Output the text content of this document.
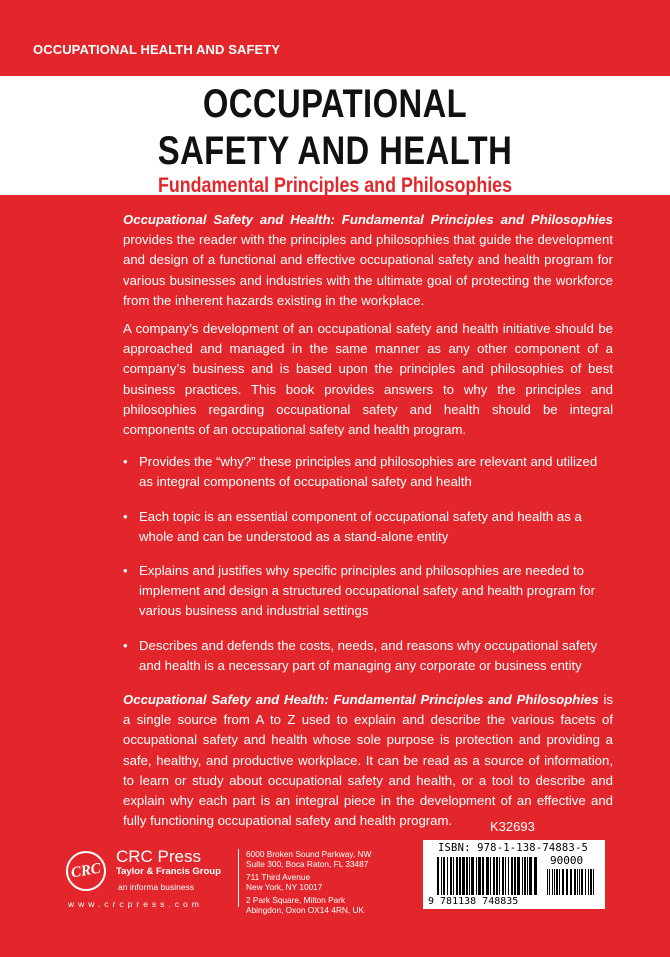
OCCUPATIONAL HEALTH AND SAFETY
OCCUPATIONAL
SAFETY AND HEALTH
Fundamental Principles and Philosophies

Occupational Safety and Health: Fundamental Principles and Philosophies provides the reader with the principles and philosophies that guide the development and design of a functional and effective occupational safety and health program for various businesses and industries with the ultimate goal of protecting the workforce from the inherent hazards existing in the workplace.

A company’s development of an occupational safety and health initiative should be approached and managed in the same manner as any other component of a company’s business and is based upon the principles and philosophies of best business practices. This book provides answers to why the principles and philosophies regarding occupational safety and health should be integral components of an occupational safety and health program.

• Provides the “why?” these principles and philosophies are relevant and utilized as integral components of occupational safety and health
• Each topic is an essential component of occupational safety and health as a whole and can be understood as a stand-alone entity
• Explains and justifies why specific principles and philosophies are needed to implement and design a structured occupational safety and health program for various business and industrial settings
• Describes and defends the costs, needs, and reasons why occupational safety and health is a necessary part of managing any corporate or business entity

Occupational Safety and Health: Fundamental Principles and Philosophies is a single source from A to Z used to explain and describe the various facets of occupational safety and health whose sole purpose is protection and providing a safe, healthy, and productive workplace. It can be read as a source of information, to learn or study about occupational safety and health, or a tool to describe and explain why each part is an integral piece in the development of an effective and fully functioning occupational safety and health program.

CRC
CRC Press
Taylor & Francis Group
an informa business
www.crcpress.com
6000 Broken Sound Parkway, NW
Suite 300, Boca Raton, FL 33487
711 Third Avenue
New York, NY 10017
2 Park Square, Milton Park
Abingdon, Oxon OX14 4RN, UK
K32693
ISBN: 978-1-138-74883-5
90000
9 781138 748835
